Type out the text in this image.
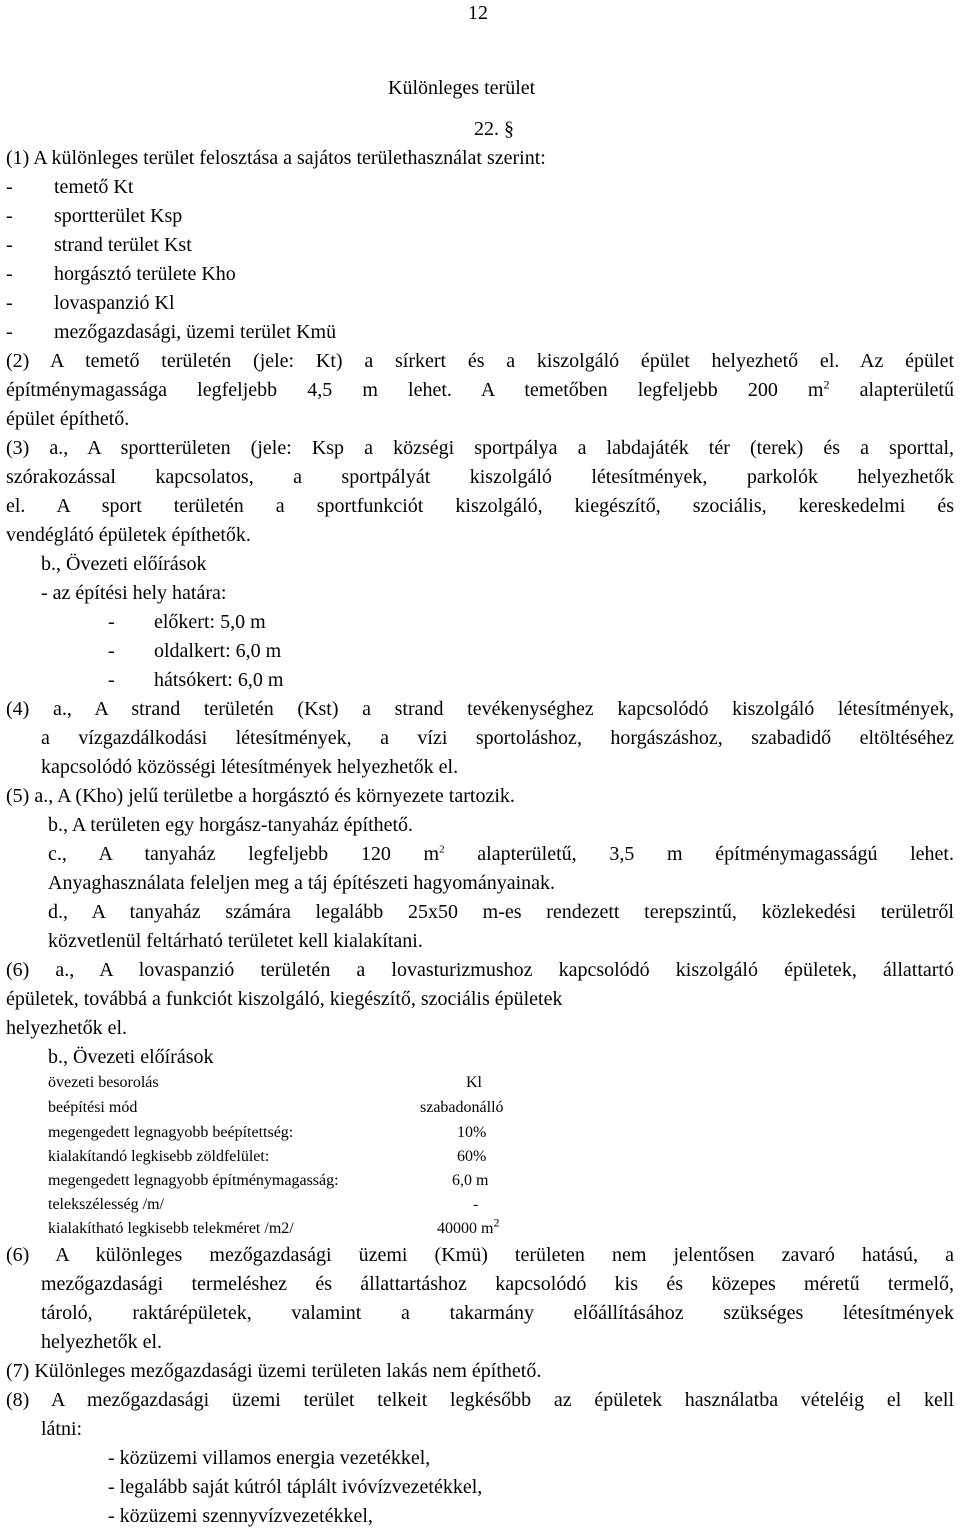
12
Különleges terület
22. §
(1) A különleges terület felosztása a sajátos területhasználat szerint:
- temető Kt
- sportterület Ksp
- strand terület Kst
- horgásztó területe Kho
- lovaspanzió Kl
- mezőgazdasági, üzemi terület Kmü
(2) A temető területén (jele: Kt) a sírkert és a kiszolgáló épület helyezhető el. Az épület
építménymagassága legfeljebb 4,5 m lehet. A temetőben legfeljebb 200 $m^2$ alapterületű
épület építhető.
(3) a., A sportterületen (jele: Ksp a községi sportpálya a labdajáték tér (terek) és a sporttal,
szórakozással kapcsolatos, a sportpályát kiszolgáló létesítmények, parkolók helyezhetők
el. A sport területén a sportfunkciót kiszolgáló, kiegészítő, szociális, kereskedelmi és
vendéglátó épületek építhetők.
b., Övezeti előírások
- az építési hely határa:
- előkert: 5,0 m
- oldalkert: 6,0 m
- hátsókert: 6,0 m
(4) a., A strand területén (Kst) a strand tevékenységhez kapcsolódó kiszolgáló létesítmények,
a vízgazdálkodási létesítmények, a vízi sportoláshoz, horgászáshoz, szabadidő eltöltéséhez
kapcsolódó közösségi létesítmények helyezhetők el.
(5) a., A (Kho) jelű területbe a horgásztó és környezete tartozik.
b., A területen egy horgász-tanyaház építhető.
c., A tanyaház legfeljebb 120 $m^2$ alapterületű, 3,5 m építménymagasságú lehet.
Anyaghasználata feleljen meg a táj építészeti hagyományainak.
d., A tanyaház számára legalább 25x50 m-es rendezett terepszintű, közlekedési területről
közvetlenül feltárható területet kell kialakítani.
(6) a., A lovaspanzió területén a lovasturizmushoz kapcsolódó kiszolgáló épületek, állattartó
épületek, továbbá a funkciót kiszolgáló, kiegészítő, szociális épületek
helyezhetők el.
b., Övezeti előírások
övezeti besorolás	Kl
beépítési mód	szabadonálló
megengedett legnagyobb beépítettség:	10%
kialakítandó legkisebb zöldfelület:	60%
megengedett legnagyobb építménymagasság:	6,0 m
telekszélesség /m/	-
kialakítható legkisebb telekméret /m2/	40000 $m^2$
(6) A különleges mezőgazdasági üzemi (Kmü) területen nem jelentősen zavaró hatású, a
mezőgazdasági termeléshez és állattartáshoz kapcsolódó kis és közepes méretű termelő,
tároló, raktárépületek, valamint a takarmány előállításához szükséges létesítmények
helyezhetők el.
(7) Különleges mezőgazdasági üzemi területen lakás nem építhető.
(8) A mezőgazdasági üzemi terület telkeit legkésőbb az épületek használatba vételéig el kell
látni:
- közüzemi villamos energia vezetékkel,
- legalább saját kútról táplált ivóvízvezetékkel,
- közüzemi szennyvízvezetékkel,
